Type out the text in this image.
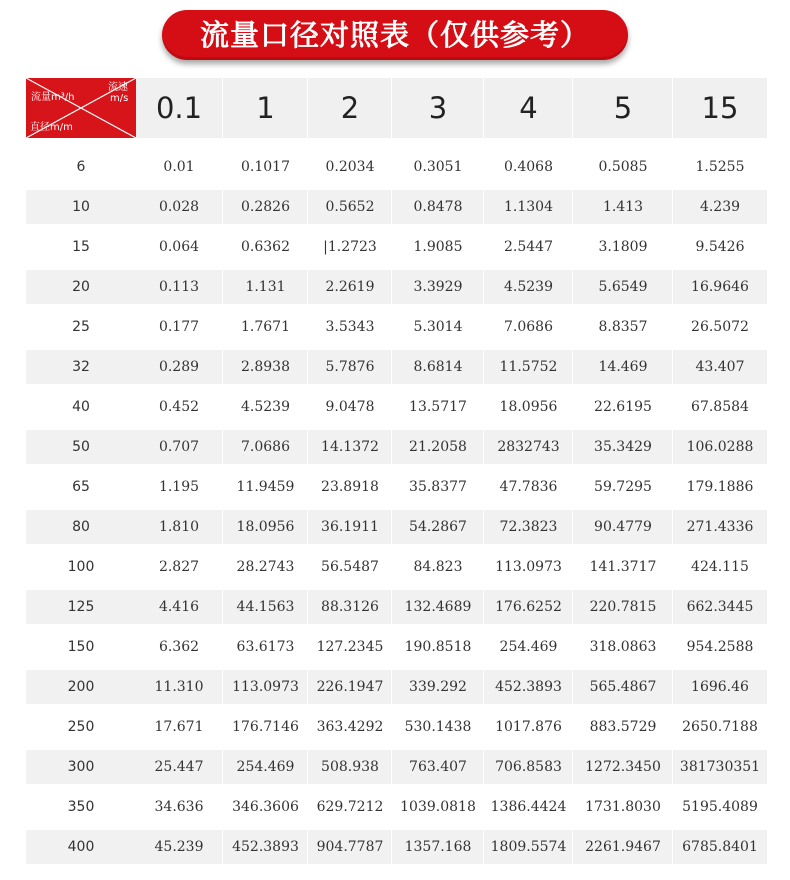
流量口径对照表（仅供参考）
流量m³/h
流速
m/s
直径m/m
0.1	1	2	3	4	5	15
6	0.01	0.1017	0.2034	0.3051	0.4068	0.5085	1.5255
10	0.028	0.2826	0.5652	0.8478	1.1304	1.413	4.239
15	0.064	0.6362	|1.2723	1.9085	2.5447	3.1809	9.5426
20	0.113	1.131	2.2619	3.3929	4.5239	5.6549	16.9646
25	0.177	1.7671	3.5343	5.3014	7.0686	8.8357	26.5072
32	0.289	2.8938	5.7876	8.6814	11.5752	14.469	43.407
40	0.452	4.5239	9.0478	13.5717	18.0956	22.6195	67.8584
50	0.707	7.0686	14.1372	21.2058	2832743	35.3429	106.0288
65	1.195	11.9459	23.8918	35.8377	47.7836	59.7295	179.1886
80	1.810	18.0956	36.1911	54.2867	72.3823	90.4779	271.4336
100	2.827	28.2743	56.5487	84.823	113.0973	141.3717	424.115
125	4.416	44.1563	88.3126	132.4689	176.6252	220.7815	662.3445
150	6.362	63.6173	127.2345	190.8518	254.469	318.0863	954.2588
200	11.310	113.0973	226.1947	339.292	452.3893	565.4867	1696.46
250	17.671	176.7146	363.4292	530.1438	1017.876	883.5729	2650.7188
300	25.447	254.469	508.938	763.407	706.8583	1272.3450	381730351
350	34.636	346.3606	629.7212	1039.0818	1386.4424	1731.8030	5195.4089
400	45.239	452.3893	904.7787	1357.168	1809.5574	2261.9467	6785.8401
